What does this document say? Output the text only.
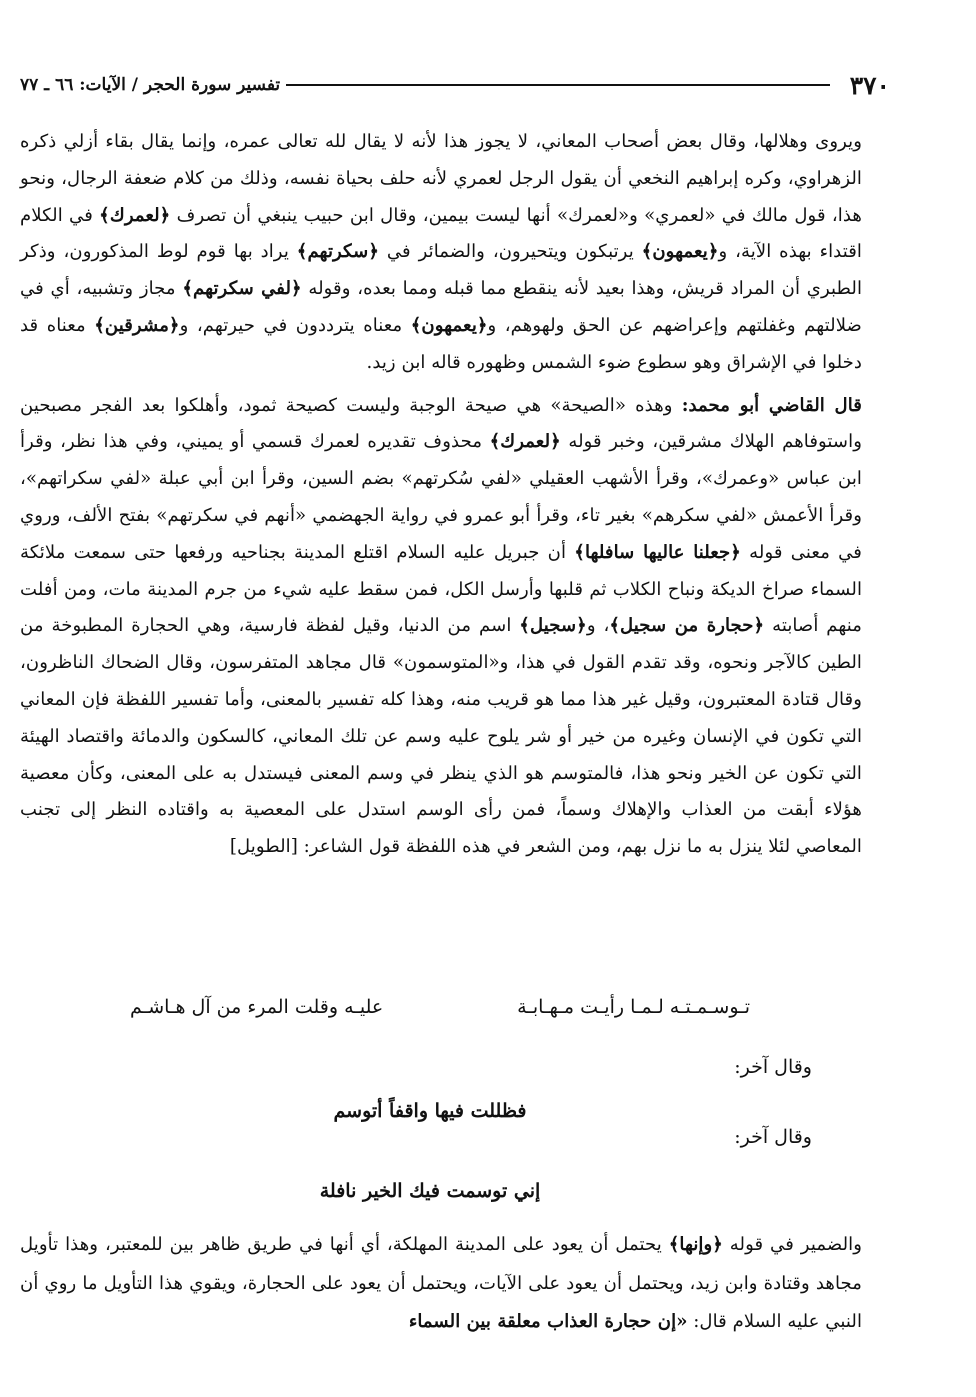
٣٧٠
تفسير سورة الحجر / الآيات: ٦٦ ـ ٧٧

ويروى وهلالها، وقال بعض أصحاب المعاني، لا يجوز هذا لأنه لا يقال لله تعالى عمره، وإنما يقال بقاء أزلي ذكره الزهراوي، وكره إبراهيم النخعي أن يقول الرجل لعمري لأنه حلف بحياة نفسه، وذلك من كلام ضعفة الرجال، ونحو هذا، قول مالك في «لعمري» و«لعمرك» أنها ليست بيمين، وقال ابن حبيب ينبغي أن تصرف ﴿لعمرك﴾ في الكلام اقتداء بهذه الآية، و﴿يعمهون﴾ يرتبكون ويتحيرون، والضمائر في ﴿سكرتهم﴾ يراد بها قوم لوط المذكورون، وذكر الطبري أن المراد قريش، وهذا بعيد لأنه ينقطع مما قبله ومما بعده، وقوله ﴿لفي سكرتهم﴾ مجاز وتشبيه، أي في ضلالتهم وغفلتهم وإعراضهم عن الحق ولهوهم، و﴿يعمهون﴾ معناه يترددون في حيرتهم، و﴿مشرقين﴾ معناه قد دخلوا في الإشراق وهو سطوع ضوء الشمس وظهوره قاله ابن زيد.

قال القاضي أبو محمد: وهذه «الصيحة» هي صيحة الوجبة وليست كصيحة ثمود، وأهلكوا بعد الفجر مصبحين واستوفاهم الهلاك مشرقين، وخبر قوله ﴿لعمرك﴾ محذوف تقديره لعمرك قسمي أو يميني، وفي هذا نظر، وقرأ ابن عباس «وعمرك»، وقرأ الأشهب العقيلي «لفي سُكرتهم» بضم السين، وقرأ ابن أبي عبلة «لفي سكراتهم»، وقرأ الأعمش «لفي سكرهم» بغير تاء، وقرأ أبو عمرو في رواية الجهضمي «أنهم في سكرتهم» بفتح الألف، وروي في معنى قوله ﴿جعلنا عاليها سافلها﴾ أن جبريل عليه السلام اقتلع المدينة بجناحيه ورفعها حتى سمعت ملائكة السماء صراخ الديكة ونباح الكلاب ثم قلبها وأرسل الكل، فمن سقط عليه شيء من جرم المدينة مات، ومن أفلت منهم أصابته ﴿حجارة من سجيل﴾، و﴿سجيل﴾ اسم من الدنيا، وقيل لفظة فارسية، وهي الحجارة المطبوخة من الطين كالآجر ونحوه، وقد تقدم القول في هذا، و«المتوسمون» قال مجاهد المتفرسون، وقال الضحاك الناظرون، وقال قتادة المعتبرون، وقيل غير هذا مما هو قريب منه، وهذا كله تفسير بالمعنى، وأما تفسير اللفظة فإن المعاني التي تكون في الإنسان وغيره من خير أو شر يلوح عليه وسم عن تلك المعاني، كالسكون والدمائة واقتصاد الهيئة التي تكون عن الخير ونحو هذا، فالمتوسم هو الذي ينظر في وسم المعنى فيستدل به على المعنى، وكأن معصية هؤلاء أبقت من العذاب والإهلاك وسماً، فمن رأى الوسم استدل على المعصية به واقتاده النظر إلى تجنب المعاصي لئلا ينزل به ما نزل بهم، ومن الشعر في هذه اللفظة قول الشاعر: [الطويل]

تـوسـمـتـه لـمـا رأيـت مـهـابـة
عليـه وقلت المرء من آل هـاشـم
وقال آخر:
فظللت فيها واقفاً أتوسم
وقال آخر:
إني توسمت فيك الخير نافلة
والضمير في قوله ﴿وإنها﴾ يحتمل أن يعود على المدينة المهلكة، أي أنها في طريق ظاهر بين للمعتبر، وهذا تأويل مجاهد وقتادة وابن زيد، ويحتمل أن يعود على الآيات، ويحتمل أن يعود على الحجارة، ويقوي هذا التأويل ما روي أن النبي عليه السلام قال: «إن حجارة العذاب معلقة بين السماء
